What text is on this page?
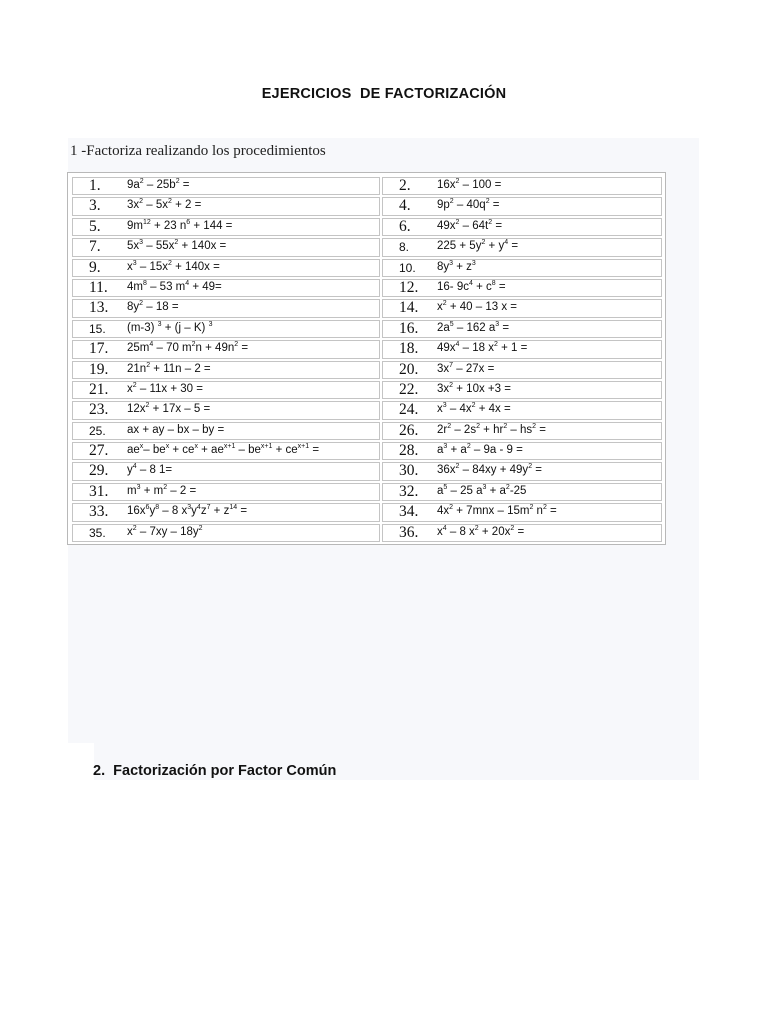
EJERCICIOS  DE FACTORIZACIÓN
1 -Factoriza realizando los procedimientos
1. $9a^2 - 25b^2$ =
3. $3x^2 - 5x^2 + 2$ =
5. $9m^{12} + 23$ $n^6 + 144$ =
7. $5x^3 - 55x^2 + 140x$ =
9. $x^3 - 15x^2 + 140x$ =
11. $4m^8 - 53$ $m^4 + 49=$
13. $8y^2 - 18$ =
15. (m-3) $^3$ + (j – K) $^3$
17. $25m^4 - 70$ $m^2n + 49n^2$ =
19. $21n^2 + 11n - 2$ =
21. $x^2 - 11x + 30$ =
23. $12x^2 + 17x - 5$ =
25. ax + ay – bx – by =
27. $ae^x-$ $be^x + ce^x + ae^{x+1} - be^{x+1} + ce^{x+1}$ =
29. $y^4 - 8$ 1=
31. $m^3 + m^2 - 2$ =
33. $16x^6y^8 - 8$ $x^3y^4z^7 + z^{14}$ =
35. $x^2 - 7xy - 18y^2$
2. $16x^2 - 100$ =
4. $9p^2 - 40q^2$ =
6. $49x^2 - 64t^2$ =
8. $225 + 5y^2 + y^4$ =
10. $8y^3 + z^3$
12. 16- $9c^4 + c^8$ =
14. $x^2 + 40 - 13$ x =
16. $2a^5 - 162$ $a^3$ =
18. $49x^4 - 18$ $x^2 + 1$ =
20. $3x^7 - 27x$ =
22. $3x^2 + 10x +3$ =
24. $x^3 - 4x^2 + 4x$ =
26. $2r^2 - 2s^2 + hr^2 - hs^2$ =
28. $a^3 + a^2 - 9a - 9$ =
30. $36x^2 - 84xy + 49y^2$ =
32. $a^5 - 25$ $a^3 + a^2-25$
34. $4x^2 + 7mnx - 15m^2$ $n^2$ =
36. $x^4 - 8$ $x^2 + 20x^2$ =
2. Factorización por Factor Común
